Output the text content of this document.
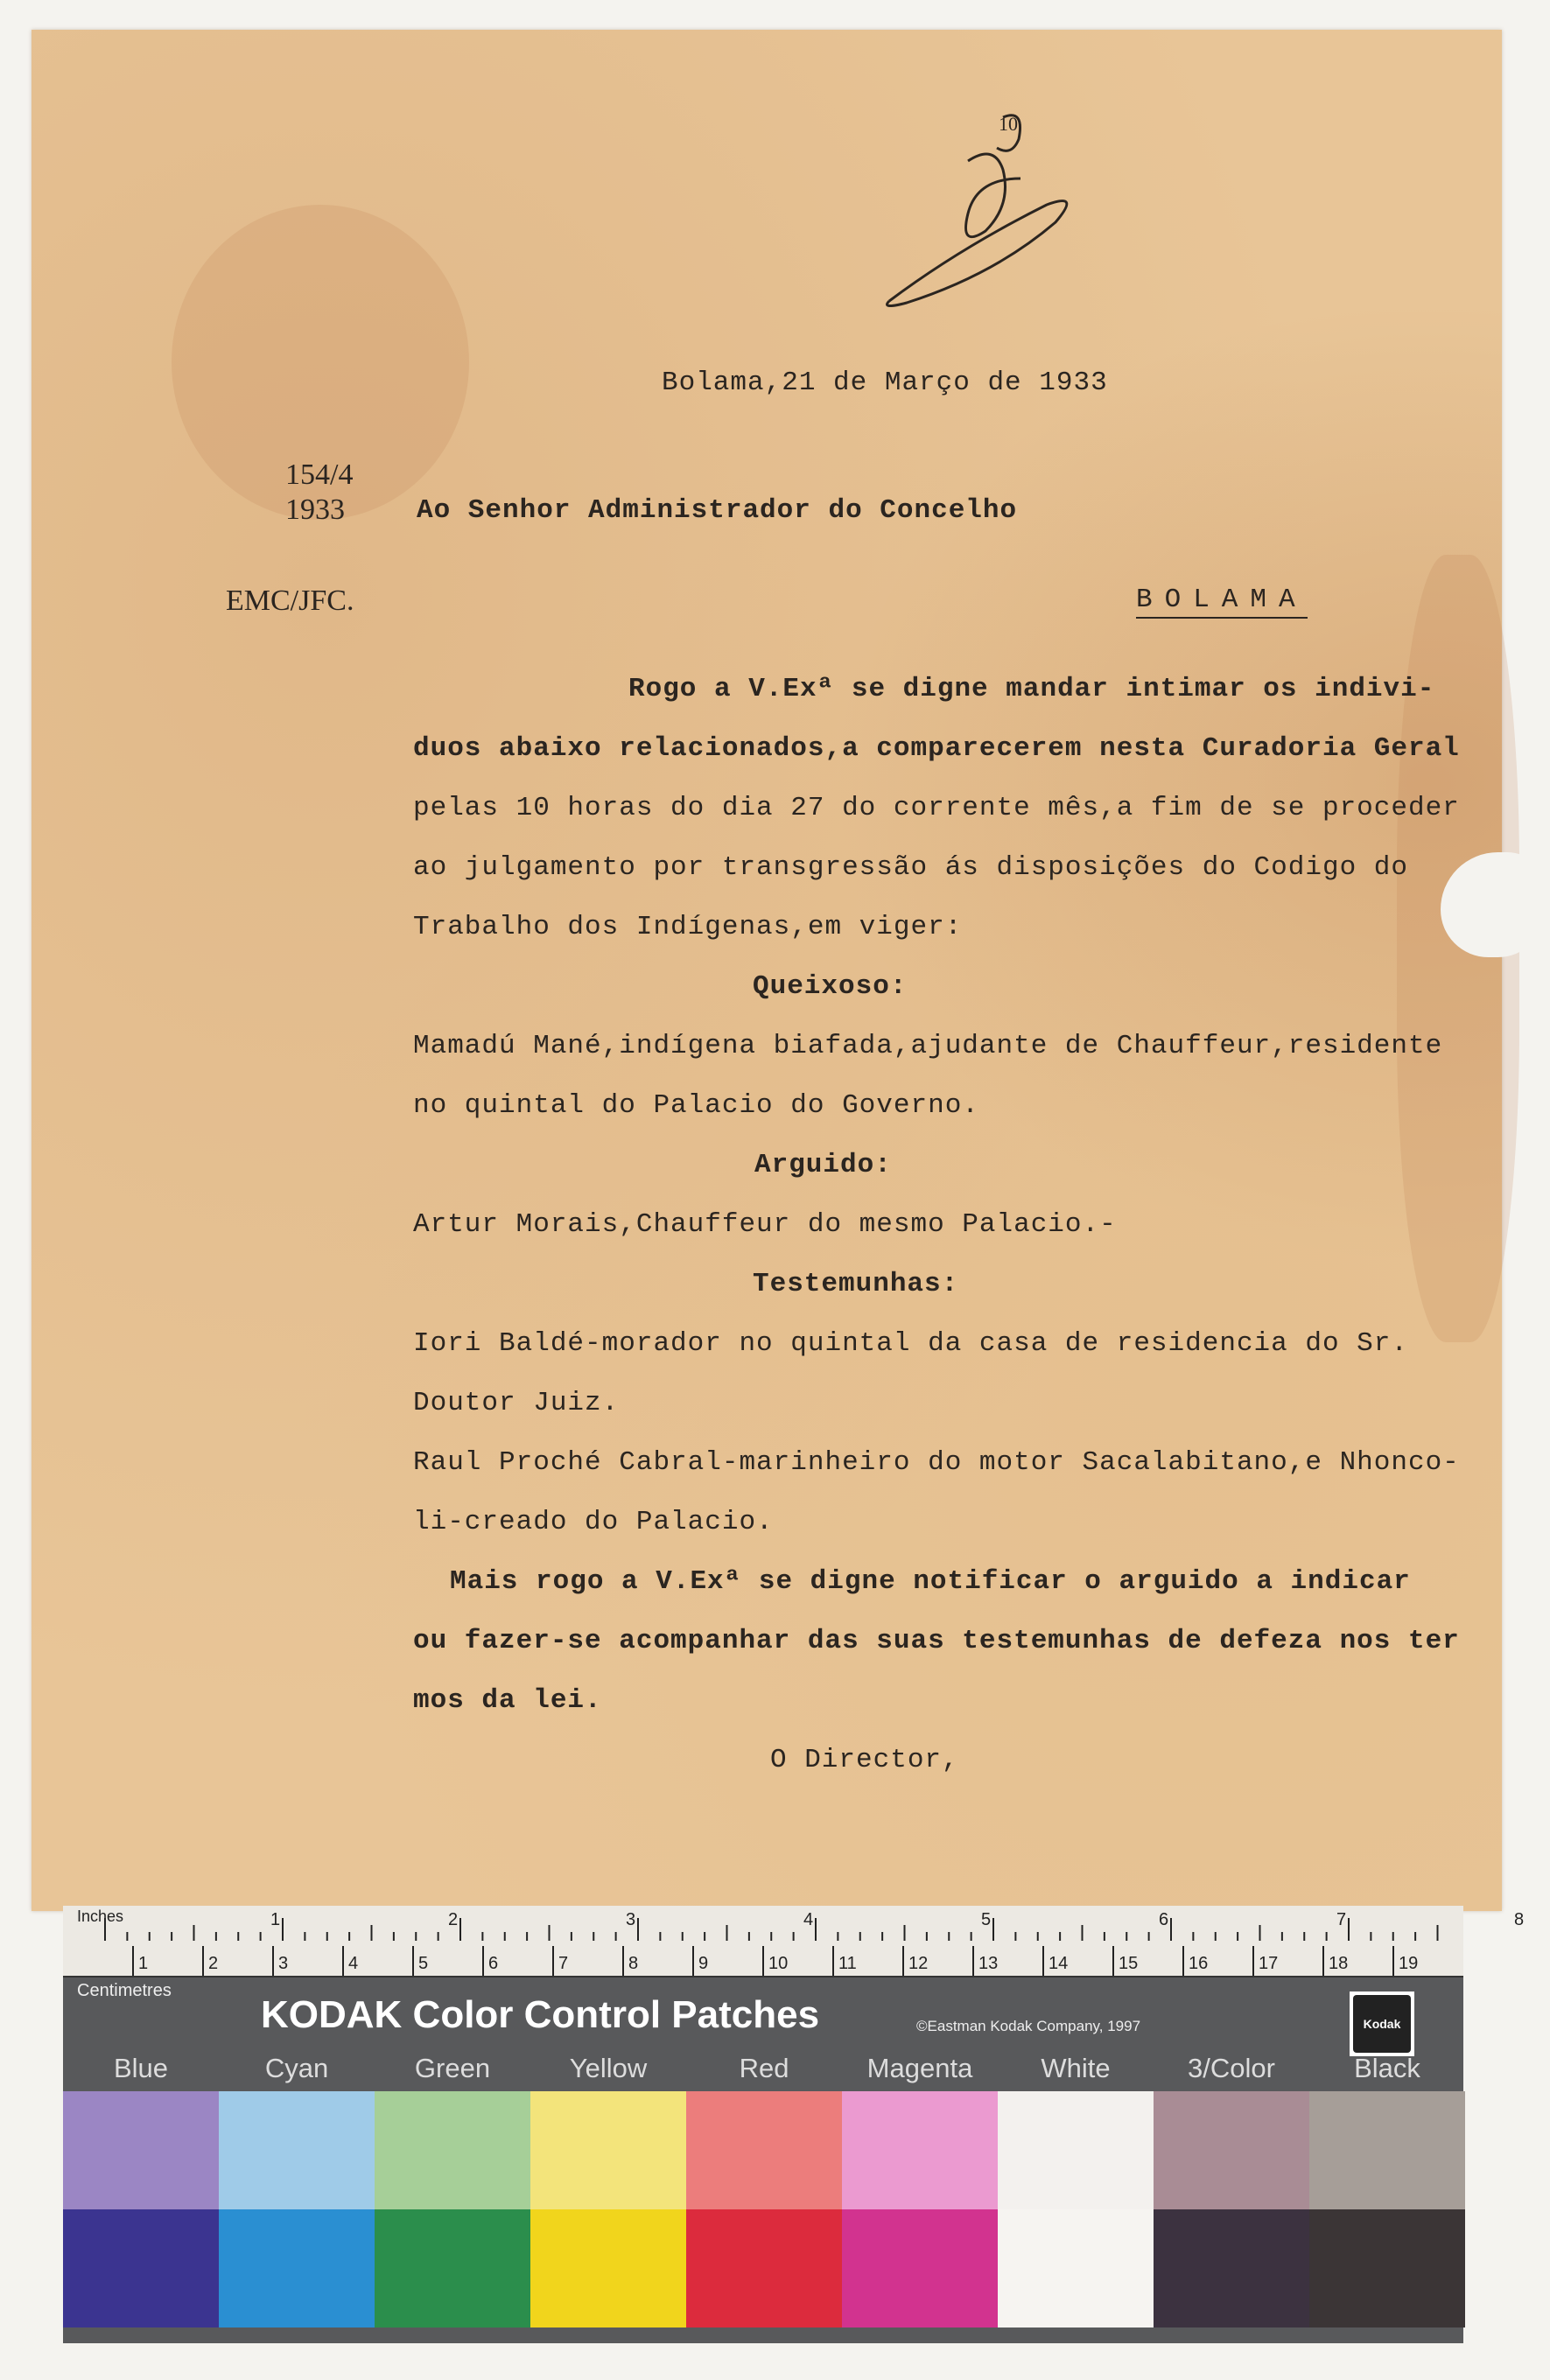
10
Bolama,21 de Março de 1933
154/4
1933	Ao Senhor Administrador do Concelho
EMC/JFC.	BOLAMA
Rogo a V.Exª se digne mandar intimar os indivi-
duos abaixo relacionados,a comparecerem nesta Curadoria Geral
pelas 10 horas do dia 27 do corrente mês,a fim de se proceder
ao julgamento por transgressão ás disposições do Codigo do
Trabalho dos Indígenas,em viger:
Queixoso:
Mamadú Mané,indígena biafada,ajudante de Chauffeur,residente
no quintal do Palacio do Governo.
Arguido:
Artur Morais,Chauffeur do mesmo Palacio.-
Testemunhas:
Iori Baldé-morador no quintal da casa de residencia do Sr.
Doutor Juiz.
Raul Proché Cabral-marinheiro do motor Sacalabitano,e Nhonco-
li-creado do Palacio.
Mais rogo a V.Exª se digne notificar o arguido a indicar
ou fazer-se acompanhar das suas testemunhas de defeza nos ter
mos da lei.
O Director,
1	2	3	4	5	6	7	8
1	2	3	4	5	6	7	8	9	10	11	12	13	14	15	16	17	18	19
Inches
Centimetres
KODAK Color Control Patches	©Eastman Kodak Company, 1997	Kodak
Blue	Cyan	Green	Yellow	Red	Magenta	White	3/Color	Black
